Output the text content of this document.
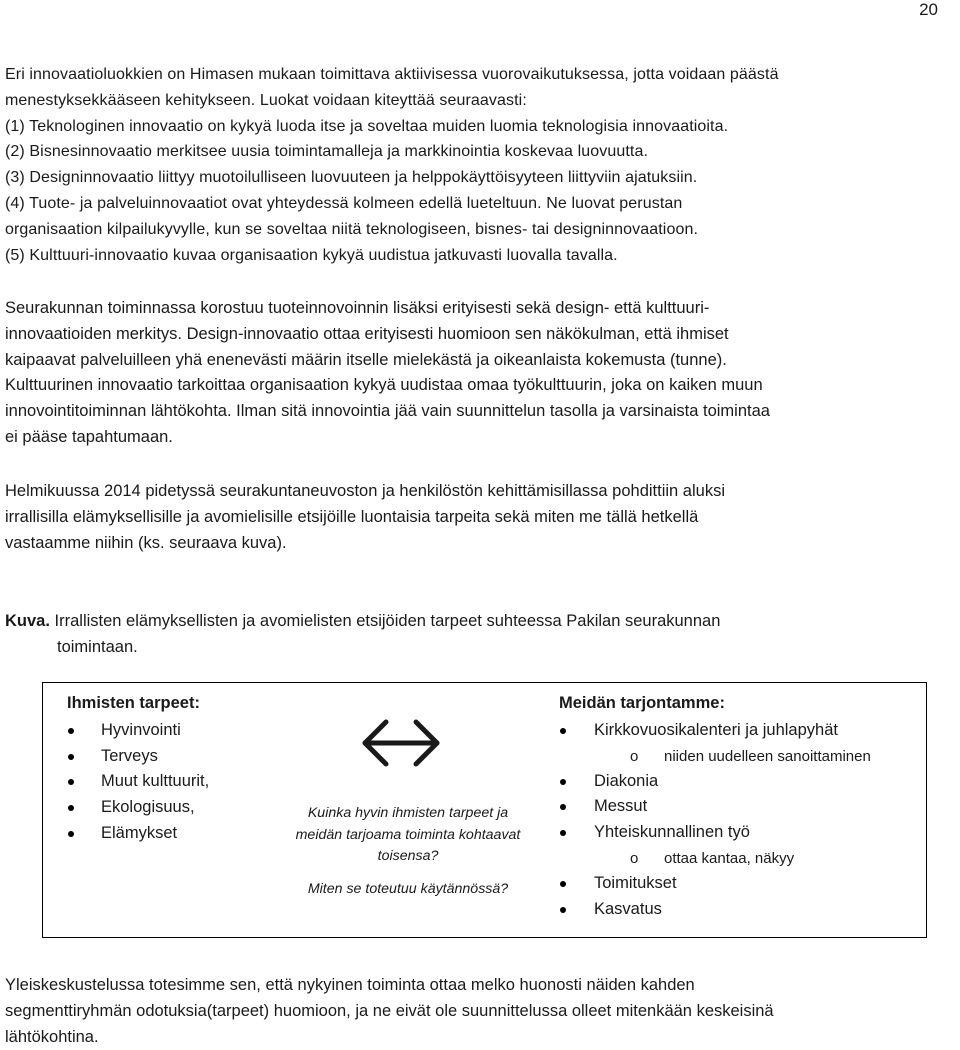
20
Eri innovaatioluokkien on Himasen mukaan toimittava aktiivisessa vuorovaikutuksessa, jotta voidaan päästä
menestyksekkääseen kehitykseen. Luokat voidaan kiteyttää seuraavasti:
(1) Teknologinen innovaatio on kykyä luoda itse ja soveltaa muiden luomia teknologisia innovaatioita.
(2) Bisnesinnovaatio merkitsee uusia toimintamalleja ja markkinointia koskevaa luovuutta.
(3) Designinnovaatio liittyy muotoilulliseen luovuuteen ja helppokäyttöisyyteen liittyviin ajatuksiin.
(4) Tuote- ja palveluinnovaatiot ovat yhteydessä kolmeen edellä lueteltuun. Ne luovat perustan
organisaation kilpailukyvylle, kun se soveltaa niitä teknologiseen, bisnes- tai designinnovaatioon.
(5) Kulttuuri-innovaatio kuvaa organisaation kykyä uudistua jatkuvasti luovalla tavalla.
Seurakunnan toiminnassa korostuu tuoteinnovoinnin lisäksi erityisesti sekä design- että kulttuuri-
innovaatioiden merkitys. Design-innovaatio ottaa erityisesti huomioon sen näkökulman, että ihmiset
kaipaavat palveluilleen yhä enenevästi määrin itselle mielekästä ja oikeanlaista kokemusta (tunne).
Kulttuurinen innovaatio tarkoittaa organisaation kykyä uudistaa omaa työkulttuurin, joka on kaiken muun
innovointitoiminnan lähtökohta. Ilman sitä innovointia jää vain suunnittelun tasolla ja varsinaista toimintaa
ei pääse tapahtumaan.
Helmikuussa 2014 pidetyssä seurakuntaneuvoston ja henkilöstön kehittämisillassa pohdittiin aluksi
irrallisilla elämyksellisille ja avomielisille etsijöille luontaisia tarpeita sekä miten me tällä hetkellä
vastaamme niihin (ks. seuraava kuva).
Kuva. Irrallisten elämyksellisten ja avomielisten etsijöiden tarpeet suhteessa Pakilan seurakunnan
toimintaan.
Ihmisten tarpeet:
Hyvinvointi
Terveys
Muut kulttuurit,
Ekologisuus,
Elämykset
Kuinka hyvin ihmisten tarpeet ja
meidän tarjoama toiminta kohtaavat
toisensa?
Miten se toteutuu käytännössä?
Meidän tarjontamme:
Kirkkovuosikalenteri ja juhlapyhät
o niiden uudelleen sanoittaminen
Diakonia
Messut
Yhteiskunnallinen työ
o ottaa kantaa, näkyy
Toimitukset
Kasvatus
Yleiskeskustelussa totesimme sen, että nykyinen toiminta ottaa melko huonosti näiden kahden
segmenttiryhmän odotuksia(tarpeet) huomioon, ja ne eivät ole suunnittelussa olleet mitenkään keskeisinä
lähtökohtina.
